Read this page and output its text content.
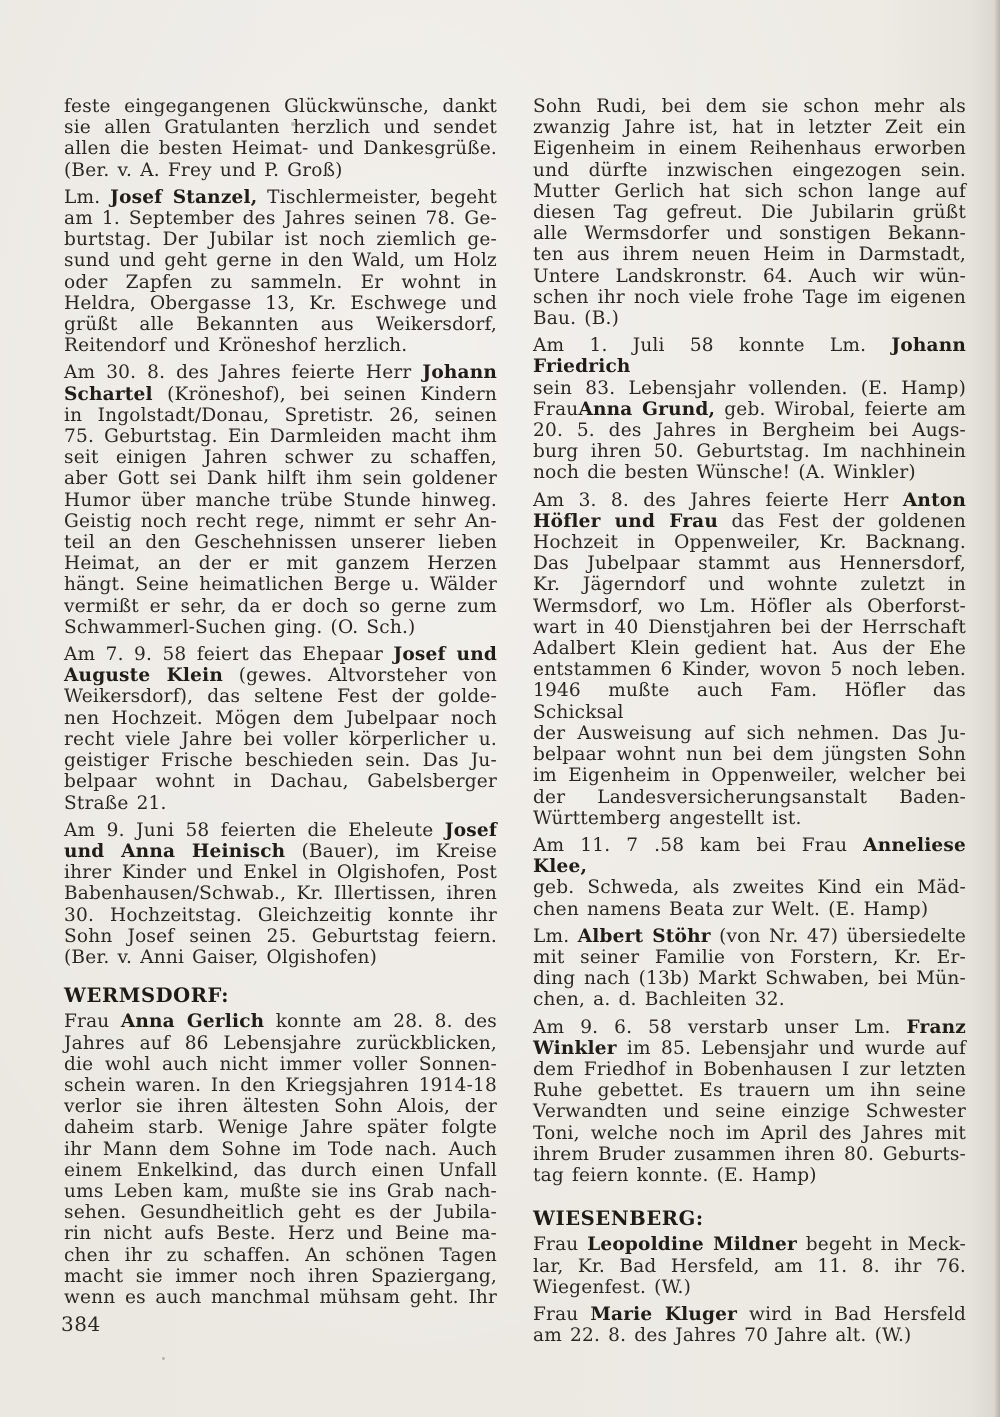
feste eingegangenen Glückwünsche, dankt
sie allen Gratulanten herzlich und sendet
allen die besten Heimat- und Dankesgrüße.
(Ber. v. A. Frey und P. Groß)
Lm. Josef Stanzel, Tischlermeister, begeht
am 1. September des Jahres seinen 78. Ge-
burtstag. Der Jubilar ist noch ziemlich ge-
sund und geht gerne in den Wald, um Holz
oder Zapfen zu sammeln. Er wohnt in
Heldra, Obergasse 13, Kr. Eschwege und
grüßt alle Bekannten aus Weikersdorf,
Reitendorf und Kröneshof herzlich.
Am 30. 8. des Jahres feierte Herr Johann
Schartel (Kröneshof), bei seinen Kindern
in Ingolstadt/Donau, Spretistr. 26, seinen
75. Geburtstag. Ein Darmleiden macht ihm
seit einigen Jahren schwer zu schaffen,
aber Gott sei Dank hilft ihm sein goldener
Humor über manche trübe Stunde hinweg.
Geistig noch recht rege, nimmt er sehr An-
teil an den Geschehnissen unserer lieben
Heimat, an der er mit ganzem Herzen
hängt. Seine heimatlichen Berge u. Wälder
vermißt er sehr, da er doch so gerne zum
Schwammerl-Suchen ging. (O. Sch.)
Am 7. 9. 58 feiert das Ehepaar Josef und
Auguste Klein (gewes. Altvorsteher von
Weikersdorf), das seltene Fest der golde-
nen Hochzeit. Mögen dem Jubelpaar noch
recht viele Jahre bei voller körperlicher u.
geistiger Frische beschieden sein. Das Ju-
belpaar wohnt in Dachau, Gabelsberger
Straße 21.
Am 9. Juni 58 feierten die Eheleute Josef
und Anna Heinisch (Bauer), im Kreise
ihrer Kinder und Enkel in Olgishofen, Post
Babenhausen/Schwab., Kr. Illertissen, ihren
30. Hochzeitstag. Gleichzeitig konnte ihr
Sohn Josef seinen 25. Geburtstag feiern.
(Ber. v. Anni Gaiser, Olgishofen)
WERMSDORF:
Frau Anna Gerlich konnte am 28. 8. des
Jahres auf 86 Lebensjahre zurückblicken,
die wohl auch nicht immer voller Sonnen-
schein waren. In den Kriegsjahren 1914-18
verlor sie ihren ältesten Sohn Alois, der
daheim starb. Wenige Jahre später folgte
ihr Mann dem Sohne im Tode nach. Auch
einem Enkelkind, das durch einen Unfall
ums Leben kam, mußte sie ins Grab nach-
sehen. Gesundheitlich geht es der Jubila-
rin nicht aufs Beste. Herz und Beine ma-
chen ihr zu schaffen. An schönen Tagen
macht sie immer noch ihren Spaziergang,
wenn es auch manchmal mühsam geht. Ihr
Sohn Rudi, bei dem sie schon mehr als
zwanzig Jahre ist, hat in letzter Zeit ein
Eigenheim in einem Reihenhaus erworben
und dürfte inzwischen eingezogen sein.
Mutter Gerlich hat sich schon lange auf
diesen Tag gefreut. Die Jubilarin grüßt
alle Wermsdorfer und sonstigen Bekann-
ten aus ihrem neuen Heim in Darmstadt,
Untere Landskronstr. 64. Auch wir wün-
schen ihr noch viele frohe Tage im eigenen
Bau. (B.)
Am 1. Juli 58 konnte Lm. Johann Friedrich
sein 83. Lebensjahr vollenden. (E. Hamp)
FrauAnna Grund, geb. Wirobal, feierte am
20. 5. des Jahres in Bergheim bei Augs-
burg ihren 50. Geburtstag. Im nachhinein
noch die besten Wünsche! (A. Winkler)
Am 3. 8. des Jahres feierte Herr Anton
Höfler und Frau das Fest der goldenen
Hochzeit in Oppenweiler, Kr. Backnang.
Das Jubelpaar stammt aus Hennersdorf,
Kr. Jägerndorf und wohnte zuletzt in
Wermsdorf, wo Lm. Höfler als Oberforst-
wart in 40 Dienstjahren bei der Herrschaft
Adalbert Klein gedient hat. Aus der Ehe
entstammen 6 Kinder, wovon 5 noch leben.
1946 mußte auch Fam. Höfler das Schicksal
der Ausweisung auf sich nehmen. Das Ju-
belpaar wohnt nun bei dem jüngsten Sohn
im Eigenheim in Oppenweiler, welcher bei
der Landesversicherungsanstalt Baden-
Württemberg angestellt ist.
Am 11. 7 .58 kam bei Frau Anneliese Klee,
geb. Schweda, als zweites Kind ein Mäd-
chen namens Beata zur Welt. (E. Hamp)
Lm. Albert Stöhr (von Nr. 47) übersiedelte
mit seiner Familie von Forstern, Kr. Er-
ding nach (13b) Markt Schwaben, bei Mün-
chen, a. d. Bachleiten 32.
Am 9. 6. 58 verstarb unser Lm. Franz
Winkler im 85. Lebensjahr und wurde auf
dem Friedhof in Bobenhausen I zur letzten
Ruhe gebettet. Es trauern um ihn seine
Verwandten und seine einzige Schwester
Toni, welche noch im April des Jahres mit
ihrem Bruder zusammen ihren 80. Geburts-
tag feiern konnte. (E. Hamp)
WIESENBERG:
Frau Leopoldine Mildner begeht in Meck-
lar, Kr. Bad Hersfeld, am 11. 8. ihr 76.
Wiegenfest. (W.)
Frau Marie Kluger wird in Bad Hersfeld
am 22. 8. des Jahres 70 Jahre alt. (W.)
384
